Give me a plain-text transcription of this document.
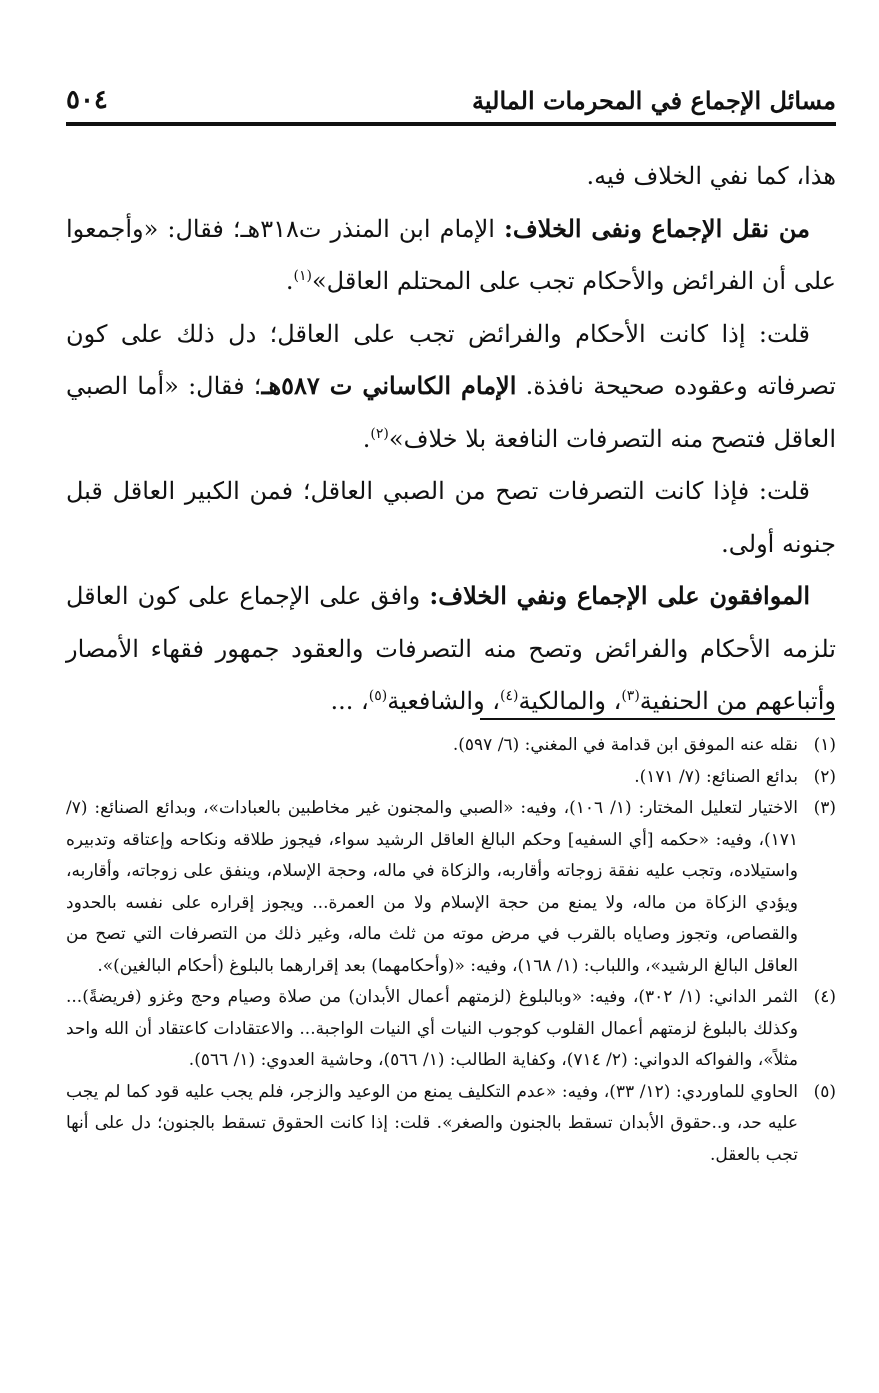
مسائل الإجماع في المحرمات المالية
٥٠٤

هذا، كما نفي الخلاف فيه.

من نقل الإجماع ونفى الخلاف: الإمام ابن المنذر ت٣١٨هـ؛ فقال: «وأجمعوا على أن الفرائض والأحكام تجب على المحتلم العاقل»$^{(١)}$.

قلت: إذا كانت الأحكام والفرائض تجب على العاقل؛ دل ذلك على كون تصرفاته وعقوده صحيحة نافذة. الإمام الكاساني ت ٥٨٧هـ؛ فقال: «أما الصبي العاقل فتصح منه التصرفات النافعة بلا خلاف»$^{(٢)}$.

قلت: فإذا كانت التصرفات تصح من الصبي العاقل؛ فمن الكبير العاقل قبل جنونه أولى.

الموافقون على الإجماع ونفي الخلاف: وافق على الإجماع على كون العاقل تلزمه الأحكام والفرائض وتصح منه التصرفات والعقود جمهور فقهاء الأمصار وأتباعهم من الحنفية$^{(٣)}$، والمالكية$^{(٤)}$، والشافعية$^{(٥)}$، ...

(١)
نقله عنه الموفق ابن قدامة في المغني: (٦/ ٥٩٧).
(٢)
بدائع الصنائع: (٧/ ١٧١).
(٣)
الاختيار لتعليل المختار: (١/ ١٠٦)، وفيه: «الصبي والمجنون غير مخاطبين بالعبادات»، وبدائع الصنائع: (٧/ ١٧١)، وفيه: «حكمه [أي السفيه] وحكم البالغ العاقل الرشيد سواء، فيجوز طلاقه ونكاحه وإعتاقه وتدبيره واستيلاده، وتجب عليه نفقة زوجاته وأقاربه، والزكاة في ماله، وحجة الإسلام، وينفق على زوجاته، وأقاربه، ويؤدي الزكاة من ماله، ولا يمنع من حجة الإسلام ولا من العمرة... ويجوز إقراره على نفسه بالحدود والقصاص، وتجوز وصاياه بالقرب في مرض موته من ثلث ماله، وغير ذلك من التصرفات التي تصح من العاقل البالغ الرشيد»، واللباب: (١/ ١٦٨)، وفيه: «(وأحكامهما) بعد إقرارهما بالبلوغ (أحكام البالغين)».
(٤)
الثمر الداني: (١/ ٣٠٢)، وفيه: «وبالبلوغ (لزمتهم أعمال الأبدان) من صلاة وصيام وحج وغزو (فريضةً)... وكذلك بالبلوغ لزمتهم أعمال القلوب كوجوب النيات أي النيات الواجبة... والاعتقادات كاعتقاد أن الله واحد مثلاً»، والفواكه الدواني: (٢/ ٧١٤)، وكفاية الطالب: (١/ ٥٦٦)، وحاشية العدوي: (١/ ٥٦٦).
(٥)
الحاوي للماوردي: (١٢/ ٣٣)، وفيه: «عدم التكليف يمنع من الوعيد والزجر، فلم يجب عليه قود كما لم يجب عليه حد، و..حقوق الأبدان تسقط بالجنون والصغر». قلت: إذا كانت الحقوق تسقط بالجنون؛ دل على أنها تجب بالعقل.
